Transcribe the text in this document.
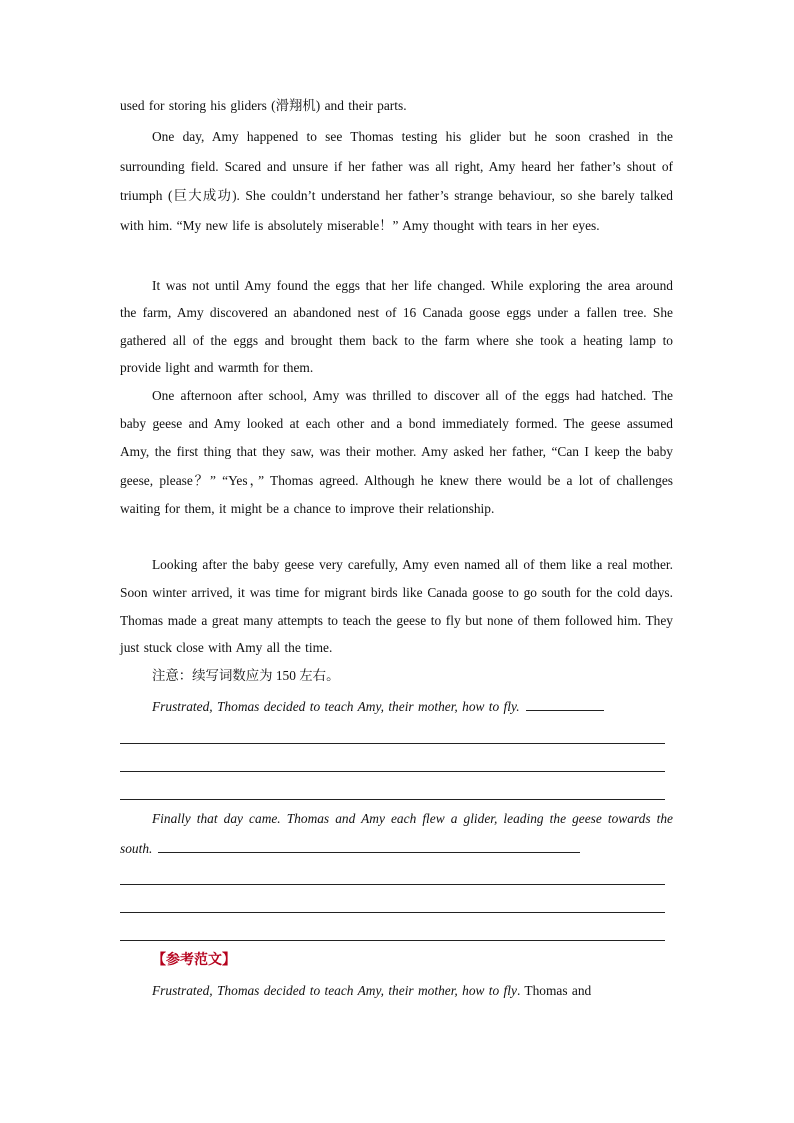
used for storing his gliders (滑翔机) and their parts.

One day, Amy happened to see Thomas testing his glider but he soon crashed in the surrounding field. Scared and unsure if her father was all right, Amy heard her father’s shout of triumph (巨大成功). She couldn’t understand her father’s strange behaviour, so she barely talked with him. “My new life is absolutely miserable！” Amy thought with tears in her eyes.

It was not until Amy found the eggs that her life changed. While exploring the area around the farm, Amy discovered an abandoned nest of 16 Canada goose eggs under a fallen tree. She gathered all of the eggs and brought them back to the farm where she took a heating lamp to provide light and warmth for them.

One afternoon after school, Amy was thrilled to discover all of the eggs had hatched. The baby geese and Amy looked at each other and a bond immediately formed. The geese assumed Amy, the first thing that they saw, was their mother. Amy asked her father, “Can I keep the baby geese, please？” “Yes，” Thomas agreed. Although he knew there would be a lot of challenges waiting for them, it might be a chance to improve their relationship.

Looking after the baby geese very carefully, Amy even named all of them like a real mother. Soon winter arrived, it was time for migrant birds like Canada goose to go south for the cold days. Thomas made a great many attempts to teach the geese to fly but none of them followed him. They just stuck close with Amy all the time.

注意：续写词数应为 150 左右。

Frustrated, Thomas decided to teach Amy, their mother, how to fly.

Finally that day came. Thomas and Amy each flew a glider, leading the geese towards the south.

【参考范文】

Frustrated, Thomas decided to teach Amy, their mother, how to fly. Thomas and
